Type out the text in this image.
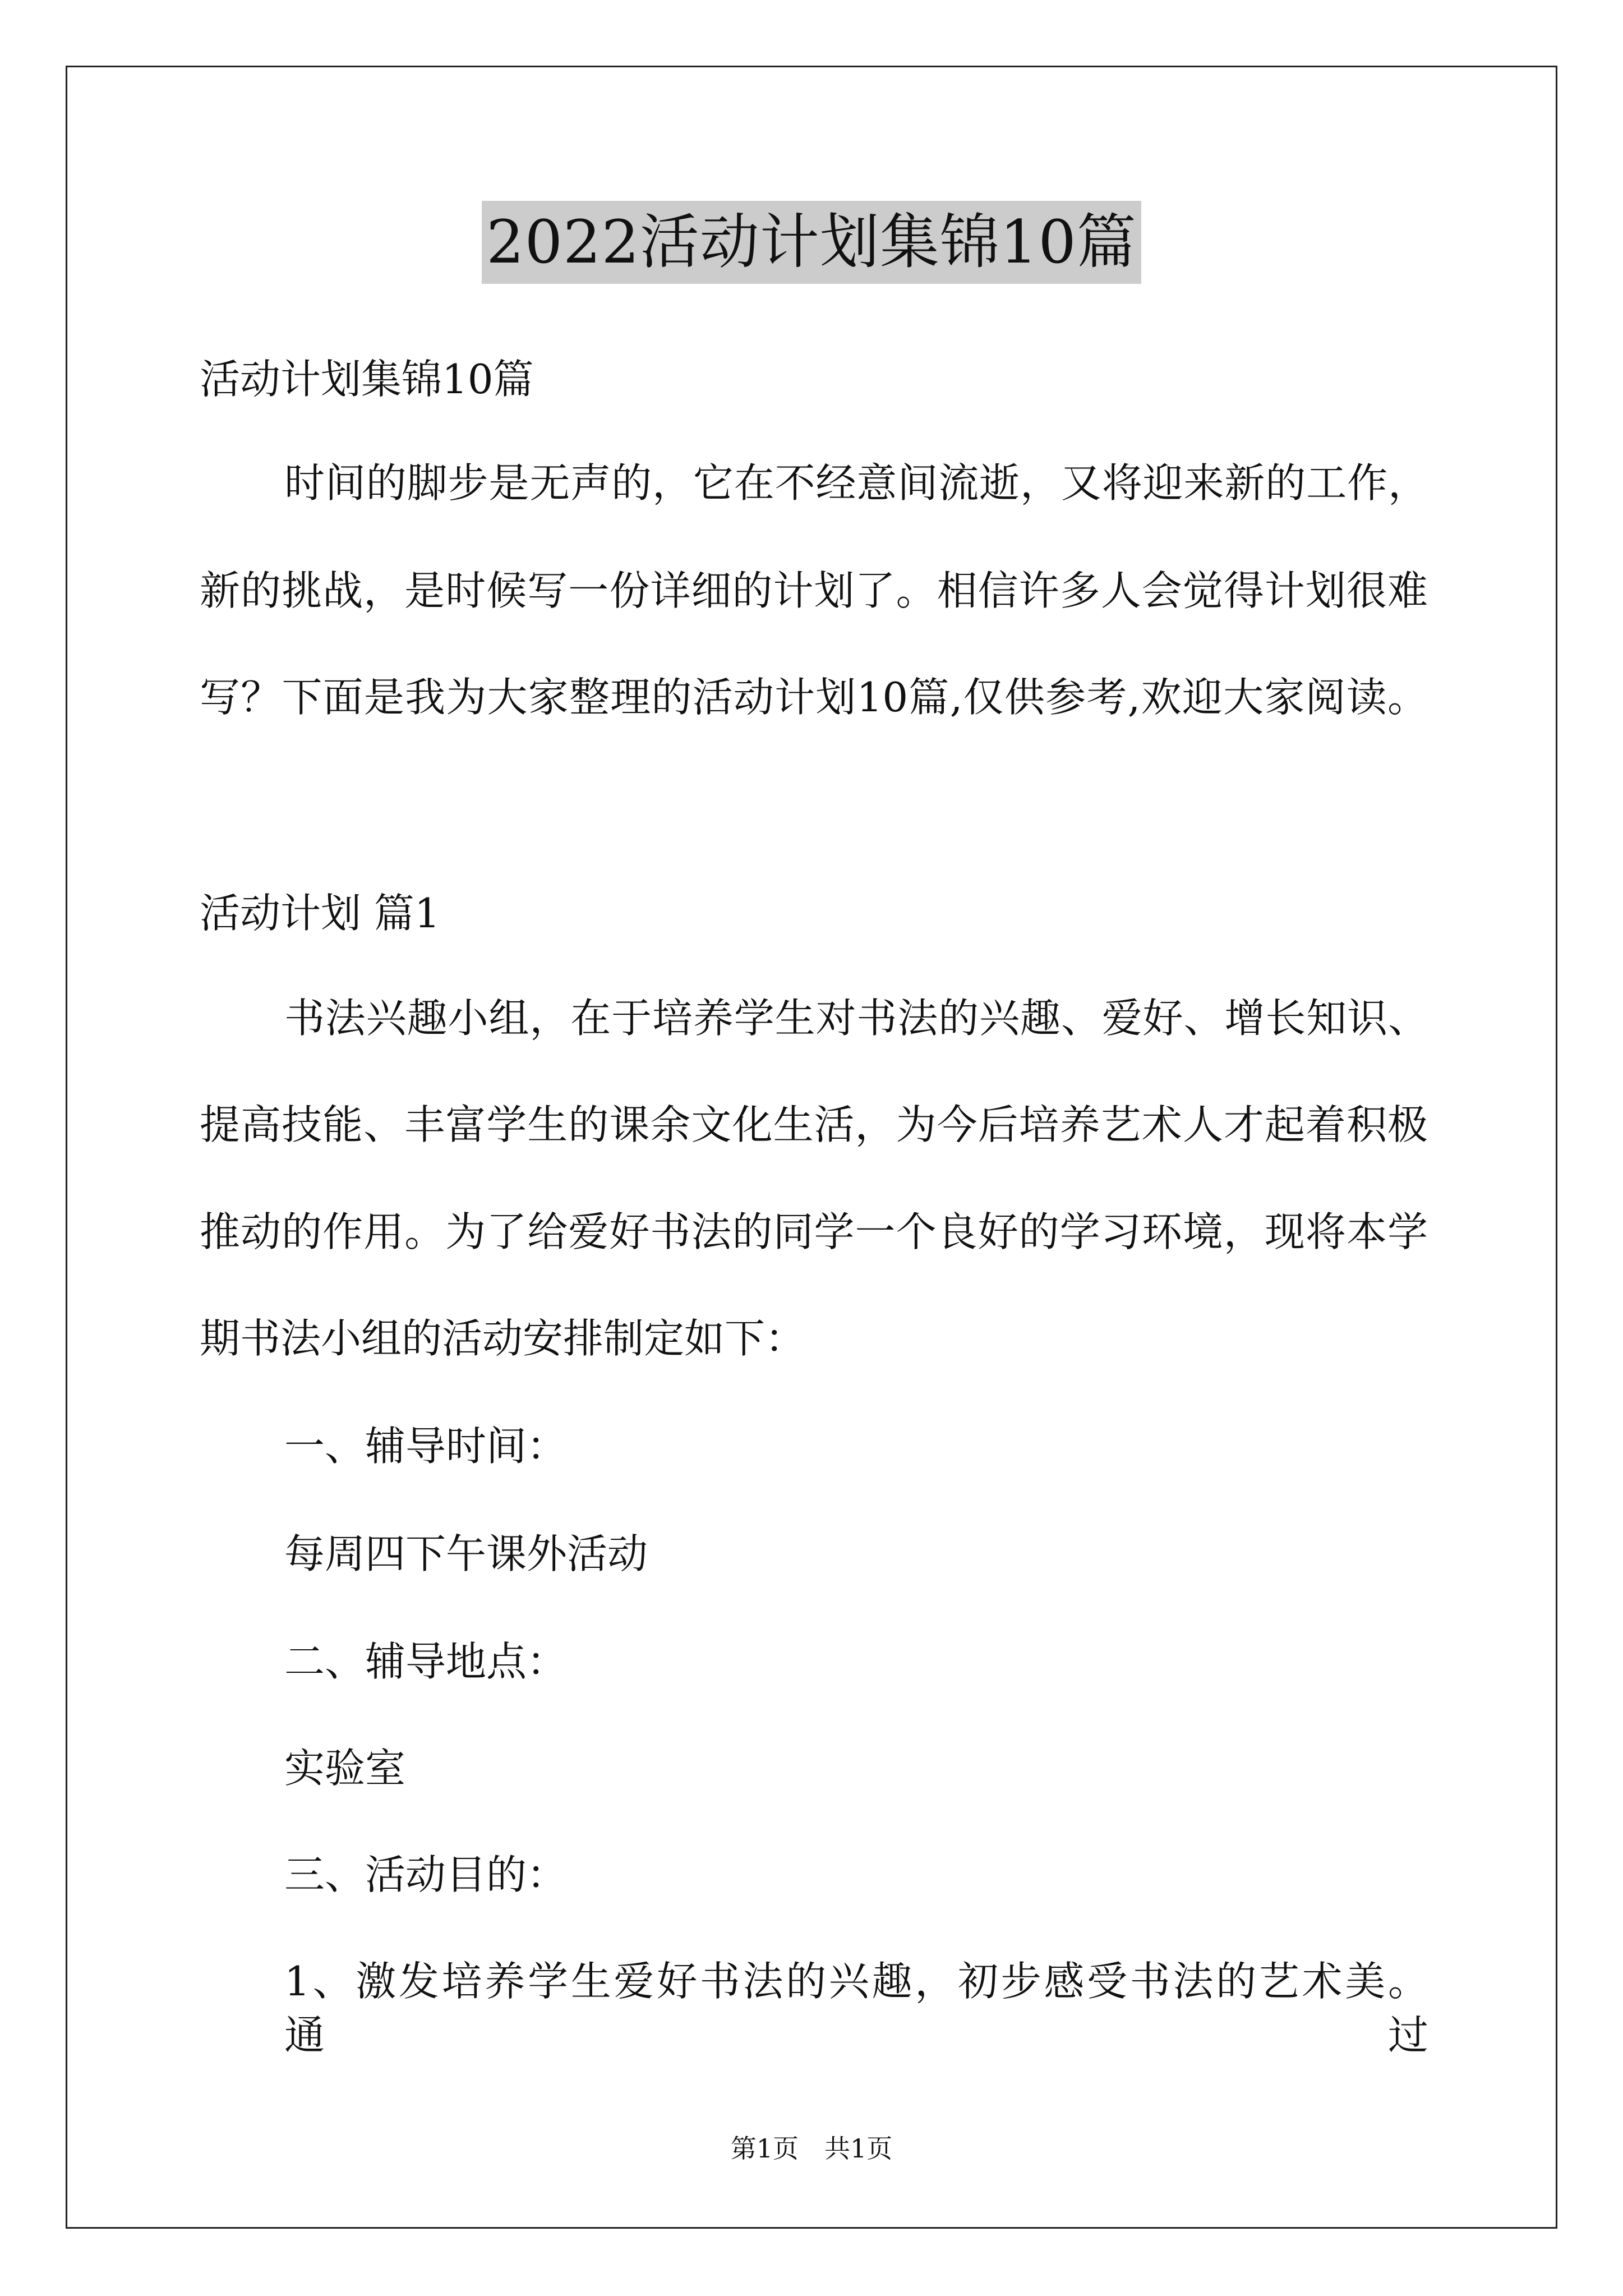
2022活动计划集锦10篇
活动计划集锦10篇
时间的脚步是无声的，它在不经意间流逝，又将迎来新的工作，
新的挑战，是时候写一份详细的计划了。相信许多人会觉得计划很难
写？下面是我为大家整理的活动计划10篇,仅供参考,欢迎大家阅读。
活动计划 篇1
书法兴趣小组，在于培养学生对书法的兴趣、爱好、增长知识、
提高技能、丰富学生的课余文化生活，为今后培养艺术人才起着积极
推动的作用。为了给爱好书法的同学一个良好的学习环境，现将本学
期书法小组的活动安排制定如下：
一、辅导时间：
每周四下午课外活动
二、辅导地点：
实验室
三、活动目的：
1、激发培养学生爱好书法的兴趣，初步感受书法的艺术美。通过
第1页　共1页
